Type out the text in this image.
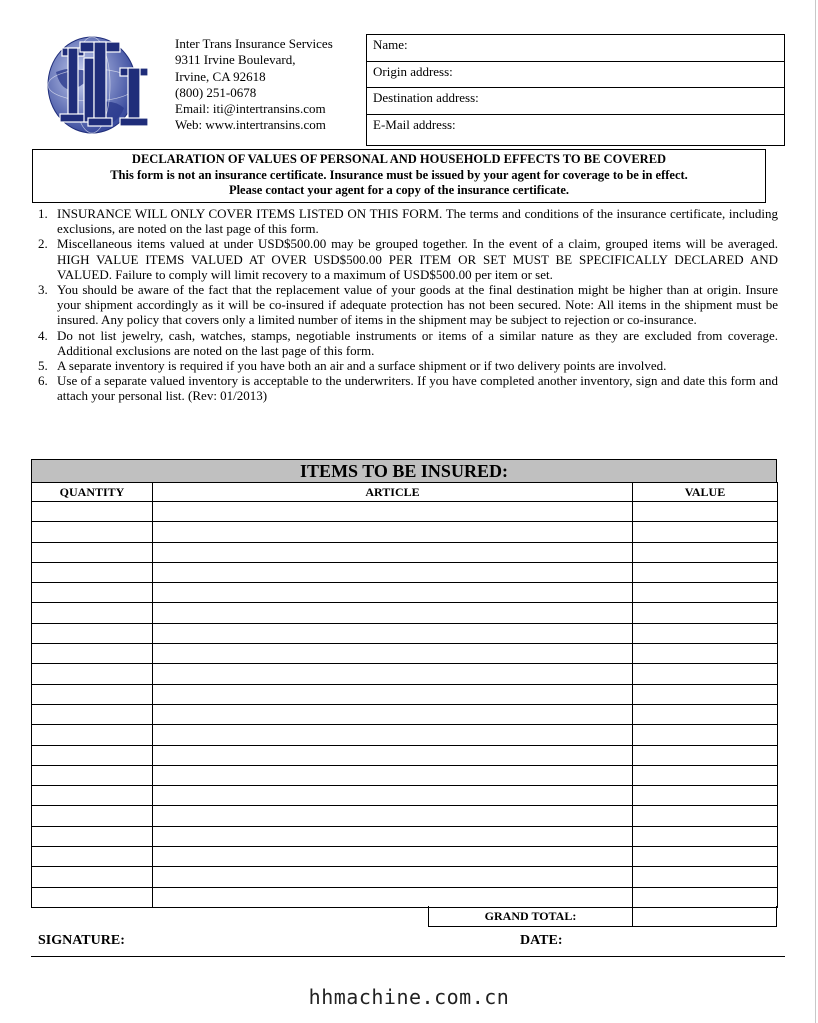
Inter Trans Insurance Services
9311 Irvine Boulevard,
Irvine, CA 92618
(800) 251-0678
Email: iti@intertransins.com
Web: www.intertransins.com
Name:
Origin address:
Destination address:
E-Mail address:
DECLARATION OF VALUES OF PERSONAL AND HOUSEHOLD EFFECTS TO BE COVERED
This form is not an insurance certificate. Insurance must be issued by your agent for coverage to be in effect.
Please contact your agent for a copy of the insurance certificate.
1. INSURANCE WILL ONLY COVER ITEMS LISTED ON THIS FORM. The terms and conditions of the insurance certificate, including exclusions, are noted on the last page of this form.
2. Miscellaneous items valued at under USD$500.00 may be grouped together. In the event of a claim, grouped items will be averaged. HIGH VALUE ITEMS VALUED AT OVER USD$500.00 PER ITEM OR SET MUST BE SPECIFICALLY DECLARED AND VALUED. Failure to comply will limit recovery to a maximum of USD$500.00 per item or set.
3. You should be aware of the fact that the replacement value of your goods at the final destination might be higher than at origin. Insure your shipment accordingly as it will be co-insured if adequate protection has not been secured. Note: All items in the shipment must be insured. Any policy that covers only a limited number of items in the shipment may be subject to rejection or co-insurance.
4. Do not list jewelry, cash, watches, stamps, negotiable instruments or items of a similar nature as they are excluded from coverage. Additional exclusions are noted on the last page of this form.
5. A separate inventory is required if you have both an air and a surface shipment or if two delivery points are involved.
6. Use of a separate valued inventory is acceptable to the underwriters. If you have completed another inventory, sign and date this form and attach your personal list. (Rev: 01/2013)
ITEMS TO BE INSURED:
QUANTITY	ARTICLE	VALUE

GRAND TOTAL:
SIGNATURE:	DATE:
hhmachine.com.cn
